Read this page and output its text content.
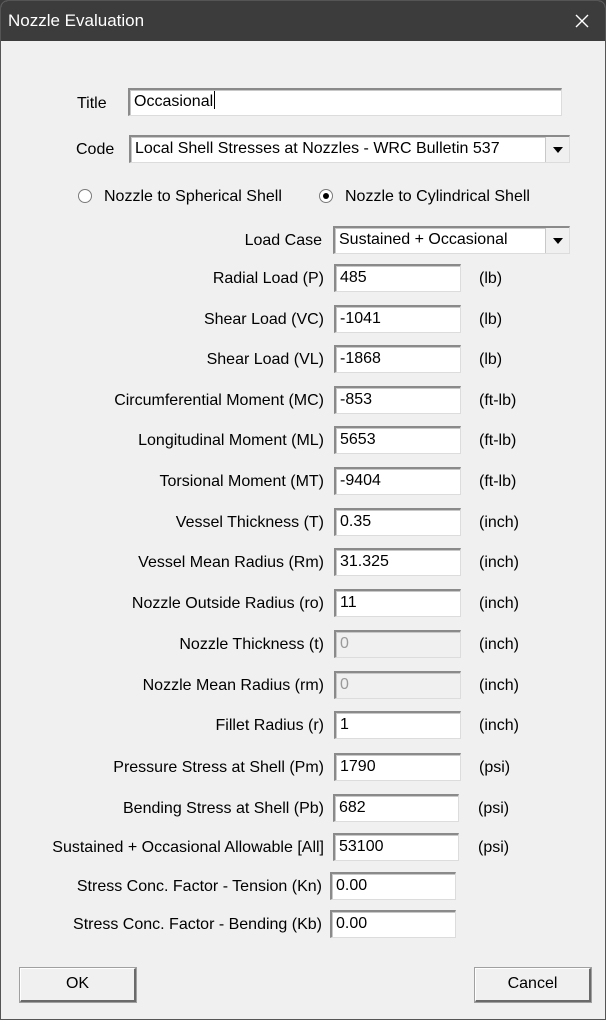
Nozzle Evaluation
Title	Occasional
Code	Local Shell Stresses at Nozzles - WRC Bulletin 537
Nozzle to Spherical Shell	Nozzle to Cylindrical Shell
Load Case	Sustained + Occasional
Radial Load (P)	485	(lb)
Shear Load (VC)	-1041	(lb)
Shear Load (VL)	-1868	(lb)
Circumferential Moment (MC)	-853	(ft-lb)
Longitudinal Moment (ML)	5653	(ft-lb)
Torsional Moment (MT)	-9404	(ft-lb)
Vessel Thickness (T)	0.35	(inch)
Vessel Mean Radius (Rm)	31.325	(inch)
Nozzle Outside Radius (ro)	11	(inch)
Nozzle Thickness (t)	0	(inch)
Nozzle Mean Radius (rm)	0	(inch)
Fillet Radius (r)	1	(inch)
Pressure Stress at Shell (Pm)	1790	(psi)
Bending Stress at Shell (Pb) 682	(psi)
Sustained + Occasional Allowable [All] 53100	(psi)
Stress Conc. Factor - Tension (Kn) 0.00
Stress Conc. Factor - Bending (Kb) 0.00
OK	Cancel
